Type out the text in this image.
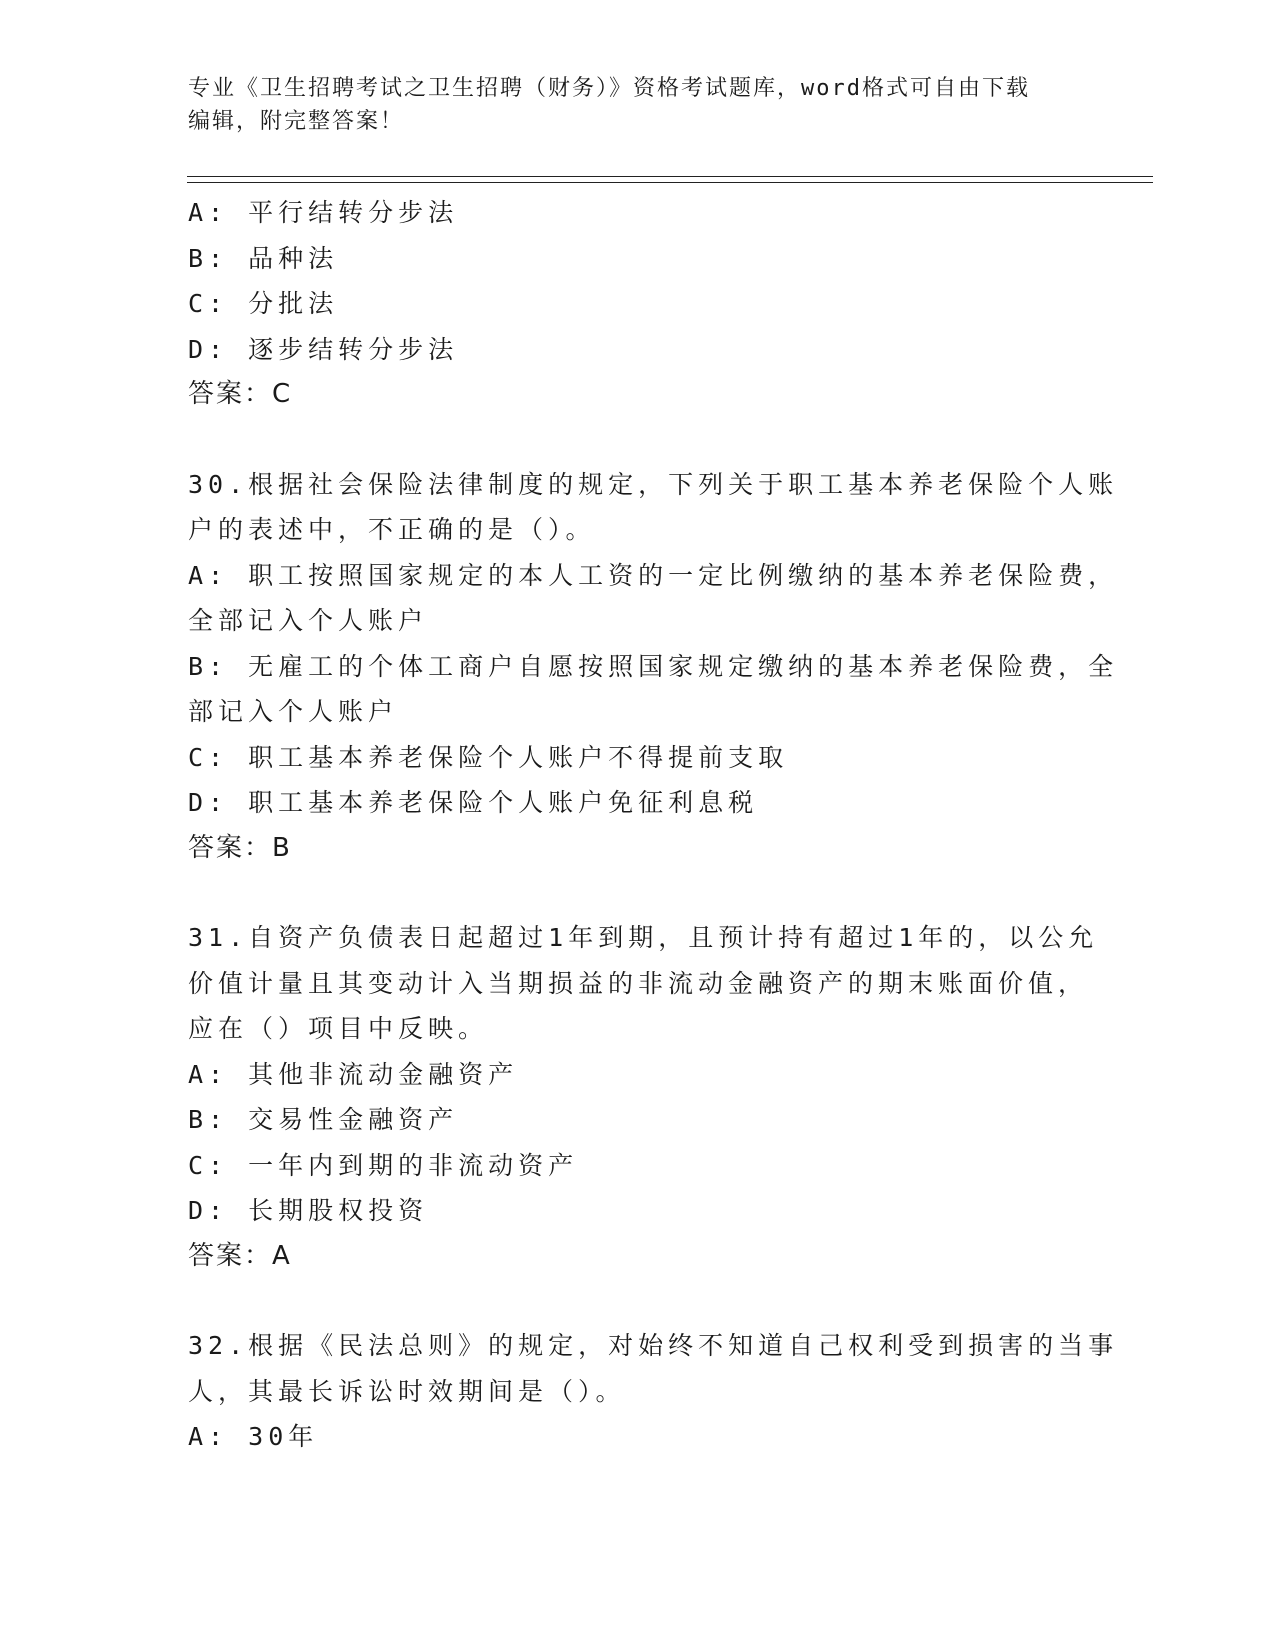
专业《卫生招聘考试之卫生招聘（财务）》资格考试题库，word格式可自由下载
编辑，附完整答案！
A: 平行结转分步法
B: 品种法
C: 分批法
D: 逐步结转分步法
答案：C
30.根据社会保险法律制度的规定，下列关于职工基本养老保险个人账
户的表述中，不正确的是（）。
A: 职工按照国家规定的本人工资的一定比例缴纳的基本养老保险费，
全部记入个人账户
B: 无雇工的个体工商户自愿按照国家规定缴纳的基本养老保险费，全
部记入个人账户
C: 职工基本养老保险个人账户不得提前支取
D: 职工基本养老保险个人账户免征利息税
答案：B
31.自资产负债表日起超过1年到期，且预计持有超过1年的，以公允
价值计量且其变动计入当期损益的非流动金融资产的期末账面价值，
应在（）项目中反映。
A: 其他非流动金融资产
B: 交易性金融资产
C: 一年内到期的非流动资产
D: 长期股权投资
答案：A
32.根据《民法总则》的规定，对始终不知道自己权利受到损害的当事
人，其最长诉讼时效期间是（）。
A: 30年
